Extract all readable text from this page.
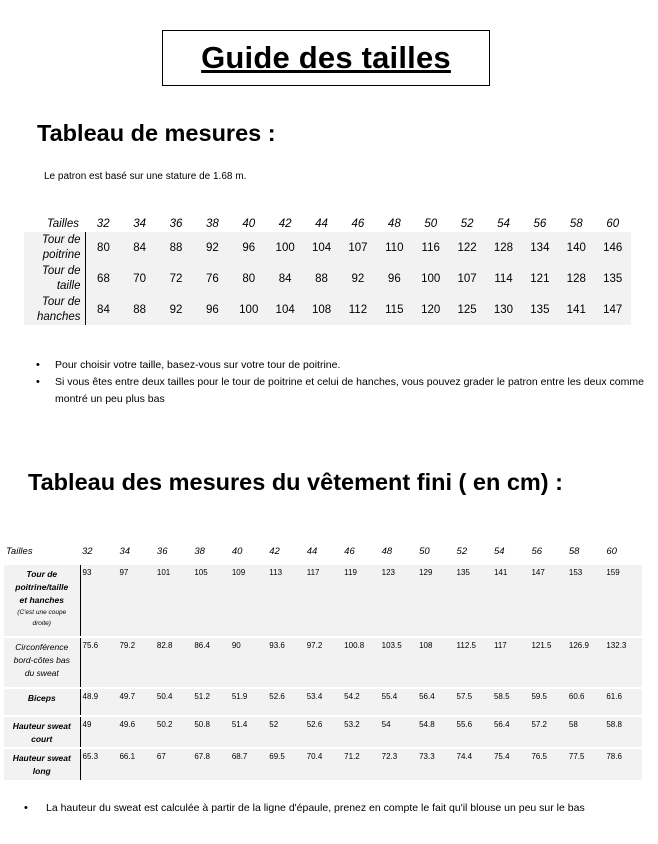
Guide des tailles
Tableau de mesures :
Le patron est basé sur une stature de 1.68 m.
Tailles	32	34	36	38	40	42	44	46	48	50	52	54	56	58	60

Tour de
poitrine	80	84	88	92	96	100	104	107	110	116	122	128	134	140	146

Tour de
taille	68	70	72	76	80	84	88	92	96	100	107	114	121	128	135

Tour de
hanches	84	88	92	96	100	104	108	112	115	120	125	130	135	141	147
• Pour choisir votre taille, basez-vous sur votre tour de poitrine.
• Si vous êtes entre deux tailles pour le tour de poitrine et celui de hanches, vous pouvez grader le patron entre les deux comme montré un peu plus bas
Tableau des mesures du vêtement fini ( en cm) :
Tailles	32	34	36	38	40	42	44	46	48	50	52	54	56	58	60

Tour de
poitrine/taille
et hanches
(C'est une coupe
droite)	93	97	101	105	109	113	117	119	123	129	135	141	147	153	159

Circonférence
bord-côtes bas
du sweat	75.6	79.2	82.8	86.4	90	93.6	97.2	100.8	103.5	108	112.5	117	121.5	126.9	132.3

Biceps	48.9	49.7	50.4	51.2	51.9	52.6	53.4	54.2	55.4	56.4	57.5	58.5	59.5	60.6	61.6

Hauteur sweat
court	49	49.6	50.2	50.8	51.4	52	52.6	53.2	54	54.8	55.6	56.4	57.2	58	58.8

Hauteur sweat
long	65.3	66.1	67	67.8	68.7	69.5	70.4	71.2	72.3	73.3	74.4	75.4	76.5	77.5	78.6
• La hauteur du sweat est calculée à partir de la ligne d'épaule, prenez en compte le fait qu'il blouse un peu sur le bas
